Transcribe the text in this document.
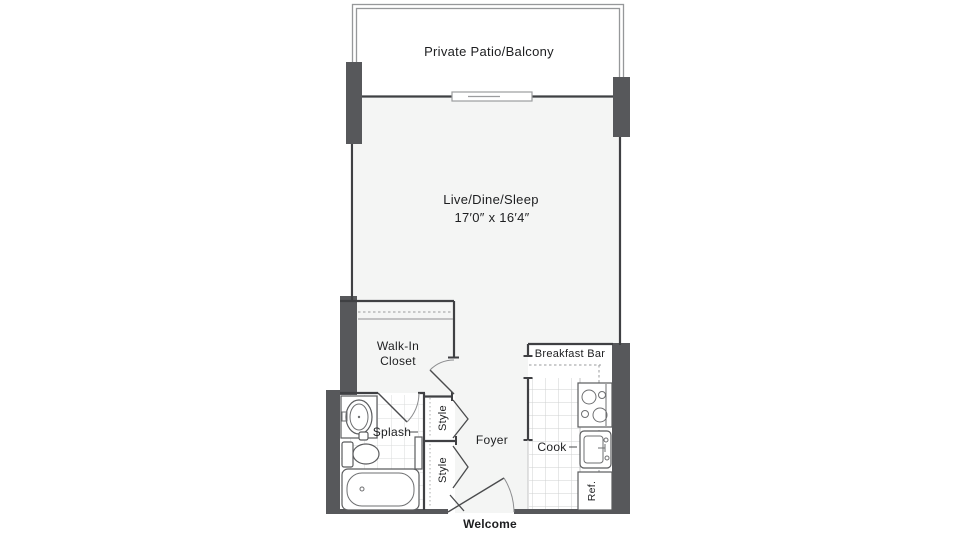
Private Patio/Balcony
Live/Dine/Sleep
17′0″ x 16′4″
Walk-In
Closet
Splash
Style
Style
Foyer
Ref.
Breakfast Bar
Cook
Welcome
